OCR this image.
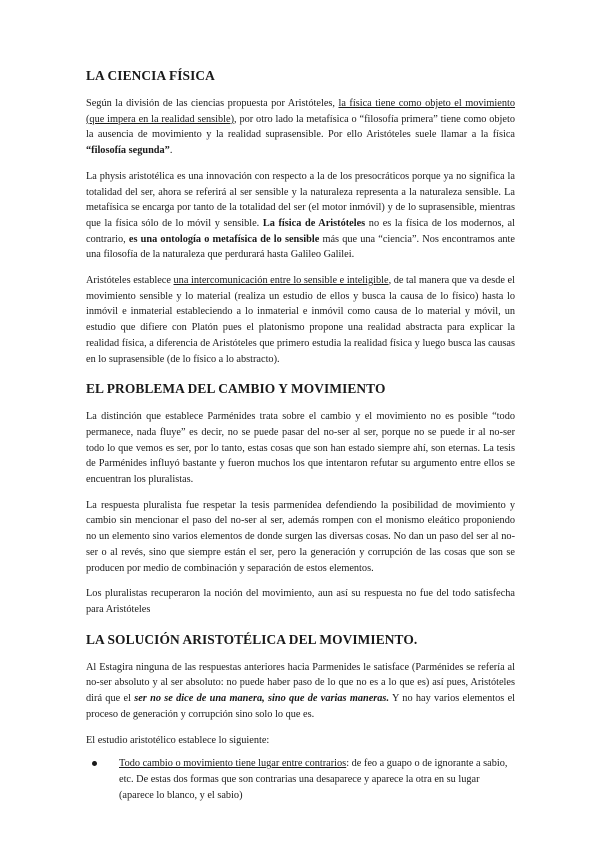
LA CIENCIA FÍSICA

Según la división de las ciencias propuesta por Aristóteles, la física tiene como objeto el movimiento (que impera en la realidad sensible), por otro lado la metafísica o “filosofía primera” tiene como objeto la ausencia de movimiento y la realidad suprasensible. Por ello Aristóteles suele llamar a la física “filosofía segunda”.

La physis aristotélica es una innovación con respecto a la de los presocráticos porque ya no significa la totalidad del ser, ahora se referirá al ser sensible y la naturaleza representa a la naturaleza sensible. La metafísica se encarga por tanto de la totalidad del ser (el motor inmóvil) y de lo suprasensible, mientras que la física sólo de lo móvil y sensible. La física de Aristóteles no es la física de los modernos, al contrario, es una ontología o metafísica de lo sensible más que una “ciencia”. Nos encontramos ante una filosofía de la naturaleza que perdurará hasta Galileo Galilei.

Aristóteles establece una intercomunicación entre lo sensible e inteligible, de tal manera que va desde el movimiento sensible y lo material (realiza un estudio de ellos y busca la causa de lo físico) hasta lo inmóvil e inmaterial estableciendo a lo inmaterial e inmóvil como causa de lo material y móvil, un estudio que difiere con Platón pues el platonismo propone una realidad abstracta para explicar la realidad física, a diferencia de Aristóteles que primero estudia la realidad física y luego busca las causas en lo suprasensible (de lo físico a lo abstracto).

EL PROBLEMA DEL CAMBIO Y MOVIMIENTO

La distinción que establece Parménides trata sobre el cambio y el movimiento no es posible “todo permanece, nada fluye” es decir, no se puede pasar del no-ser al ser, porque no se puede ir al no-ser todo lo que vemos es ser, por lo tanto, estas cosas que son han estado siempre ahí, son eternas. La tesis de Parménides influyó bastante y fueron muchos los que intentaron refutar su argumento entre ellos se encuentran los pluralistas.

La respuesta pluralista fue respetar la tesis parmenídea defendiendo la posibilidad de movimiento y cambio sin mencionar el paso del no-ser al ser, además rompen con el monismo eleático proponiendo no un elemento sino varios elementos de donde surgen las diversas cosas. No dan un paso del ser al no-ser o al revés, sino que siempre están el ser, pero la generación y corrupción de las cosas que son se producen por medio de combinación y separación de estos elementos.

Los pluralistas recuperaron la noción del movimiento, aun así su respuesta no fue del todo satisfecha para Aristóteles

LA SOLUCIÓN ARISTOTÉLICA DEL MOVIMIENTO.

Al Estagira ninguna de las respuestas anteriores hacia Parmenides le satisface (Parménides se refería al no-ser absoluto y al ser absoluto: no puede haber paso de lo que no es a lo que es) así pues, Aristóteles dirá que el ser no se dice de una manera, sino que de varias maneras. Y no hay varios elementos el proceso de generación y corrupción sino solo lo que es.

El estudio aristotélico establece lo siguiente:

Todo cambio o movimiento tiene lugar entre contrarios: de feo a guapo o de ignorante a sabio, etc. De estas dos formas que son contrarias una desaparece y aparece la otra en su lugar (aparece lo blanco, y el sabio)
